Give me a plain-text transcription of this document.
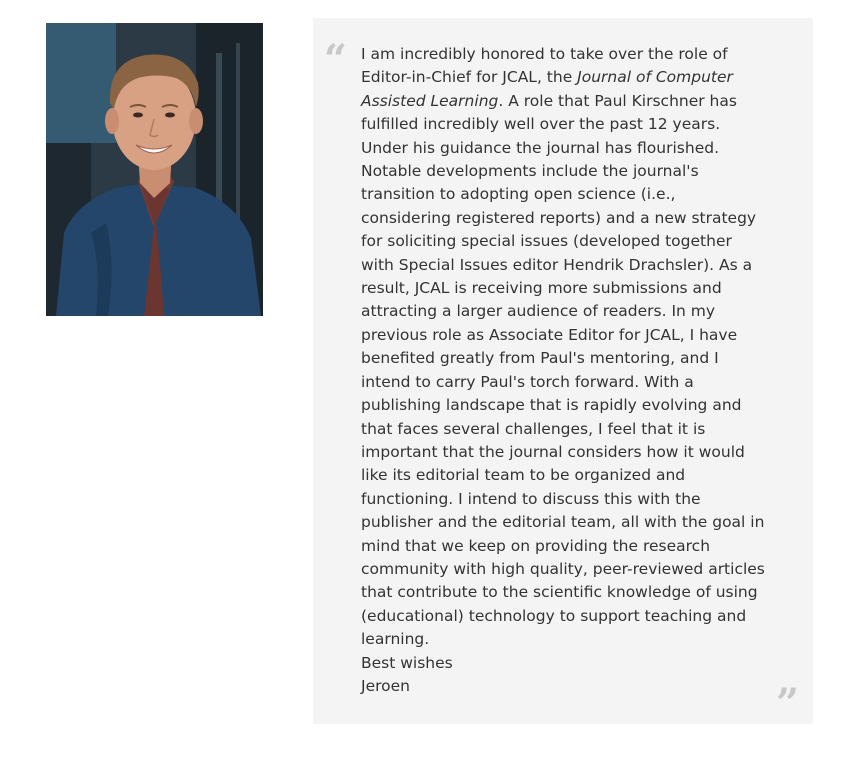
“ I am incredibly honored to take over the role of
Editor-in-Chief for JCAL, the Journal of Computer
Assisted Learning. A role that Paul Kirschner has
fulfilled incredibly well over the past 12 years.
Under his guidance the journal has flourished.
Notable developments include the journal's
transition to adopting open science (i.e.,
considering registered reports) and a new strategy
for soliciting special issues (developed together
with Special Issues editor Hendrik Drachsler). As a
result, JCAL is receiving more submissions and
attracting a larger audience of readers. In my
previous role as Associate Editor for JCAL, I have
benefited greatly from Paul's mentoring, and I
intend to carry Paul's torch forward. With a
publishing landscape that is rapidly evolving and
that faces several challenges, I feel that it is
important that the journal considers how it would
like its editorial team to be organized and
functioning. I intend to discuss this with the
publisher and the editorial team, all with the goal in
mind that we keep on providing the research
community with high quality, peer-reviewed articles
that contribute to the scientific knowledge of using
(educational) technology to support teaching and
learning.
Best wishes
Jeroen	”
